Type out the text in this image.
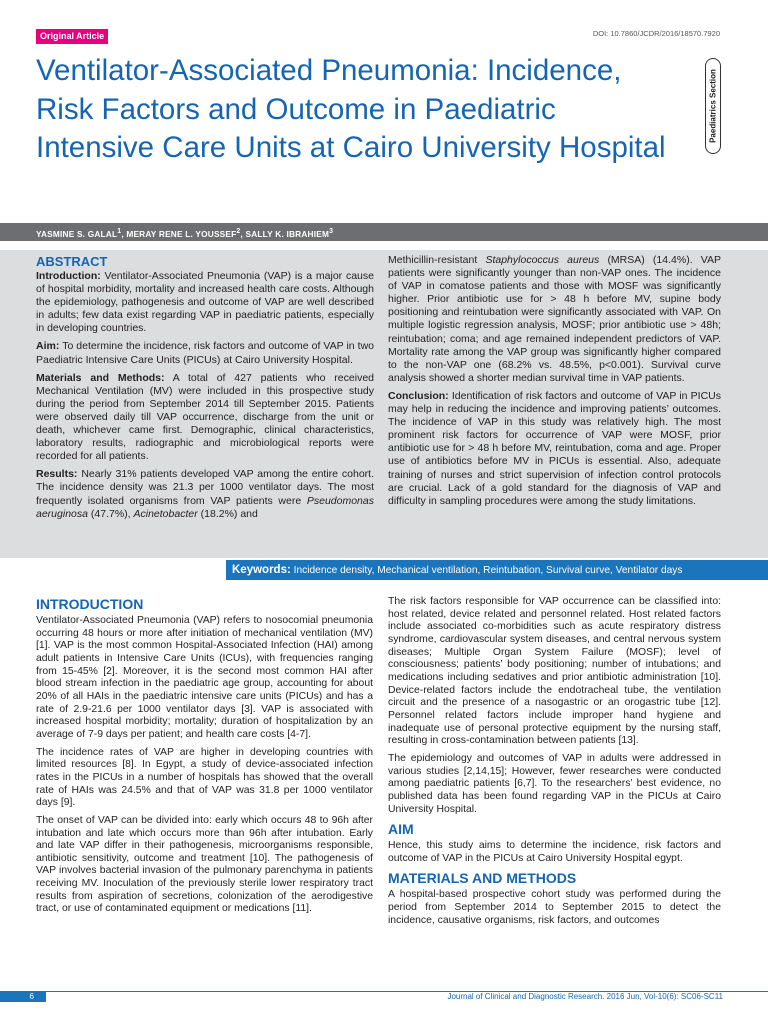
Original Article	DOI: 10.7860/JCDR/2016/18570.7920
Paediatrics Section
Ventilator-Associated Pneumonia: Incidence, Risk Factors and Outcome in Paediatric Intensive Care Units at Cairo University Hospital
YASMINE S. GALAL$^1$, MERAY RENE L. YOUSSEF$^2$, SALLY K. IBRAHIEM$^3$
ABSTRACT

Introduction: Ventilator-Associated Pneumonia (VAP) is a major cause of hospital morbidity, mortality and increased health care costs. Although the epidemiology, pathogenesis and outcome of VAP are well described in adults; few data exist regarding VAP in paediatric patients, especially in developing countries.

Aim: To determine the incidence, risk factors and outcome of VAP in two Paediatric Intensive Care Units (PICUs) at Cairo University Hospital.

Materials and Methods: A total of 427 patients who received Mechanical Ventilation (MV) were included in this prospective study during the period from September 2014 till September 2015. Patients were observed daily till VAP occurrence, discharge from the unit or death, whichever came first. Demographic, clinical characteristics, laboratory results, radiographic and microbiological reports were recorded for all patients.

Results: Nearly 31% patients developed VAP among the entire cohort. The incidence density was 21.3 per 1000 ventilator days. The most frequently isolated organisms from VAP patients were Pseudomonas aeruginosa (47.7%), Acinetobacter (18.2%) and

Methicillin-resistant Staphylococcus aureus (MRSA) (14.4%). VAP patients were significantly younger than non-VAP ones. The incidence of VAP in comatose patients and those with MOSF was significantly higher. Prior antibiotic use for > 48 h before MV, supine body positioning and reintubation were significantly associated with VAP. On multiple logistic regression analysis, MOSF; prior antibiotic use > 48h; reintubation; coma; and age remained independent predictors of VAP. Mortality rate among the VAP group was significantly higher compared to the non-VAP one (68.2% vs. 48.5%, p<0.001). Survival curve analysis showed a shorter median survival time in VAP patients.

Conclusion: Identification of risk factors and outcome of VAP in PICUs may help in reducing the incidence and improving patients’ outcomes. The incidence of VAP in this study was relatively high. The most prominent risk factors for occurrence of VAP were MOSF, prior antibiotic use for > 48 h before MV, reintubation, coma and age. Proper use of antibiotics before MV in PICUs is essential. Also, adequate training of nurses and strict supervision of infection control protocols are crucial. Lack of a gold standard for the diagnosis of VAP and difficulty in sampling procedures were among the study limitations.

Keywords: Incidence density, Mechanical ventilation, Reintubation, Survival curve, Ventilator days
INTRODUCTION

Ventilator-Associated Pneumonia (VAP) refers to nosocomial pneumonia occurring 48 hours or more after initiation of mechanical ventilation (MV) [1]. VAP is the most common Hospital-Associated Infection (HAI) among adult patients in Intensive Care Units (ICUs), with frequencies ranging from 15-45% [2]. Moreover, it is the second most common HAI after blood stream infection in the paediatric age group, accounting for about 20% of all HAIs in the paediatric intensive care units (PICUs) and has a rate of 2.9-21.6 per 1000 ventilator days [3]. VAP is associated with increased hospital morbidity; mortality; duration of hospitalization by an average of 7-9 days per patient; and health care costs [4-7].

The incidence rates of VAP are higher in developing countries with limited resources [8]. In Egypt, a study of device-associated infection rates in the PICUs in a number of hospitals has showed that the overall rate of HAIs was 24.5% and that of VAP was 31.8 per 1000 ventilator days [9].

The onset of VAP can be divided into: early which occurs 48 to 96h after intubation and late which occurs more than 96h after intubation. Early and late VAP differ in their pathogenesis, microorganisms responsible, antibiotic sensitivity, outcome and treatment [10]. The pathogenesis of VAP involves bacterial invasion of the pulmonary parenchyma in patients receiving MV. Inoculation of the previously sterile lower respiratory tract results from aspiration of secretions, colonization of the aerodigestive tract, or use of contaminated equipment or medications [11].

The risk factors responsible for VAP occurrence can be classified into: host related, device related and personnel related. Host related factors include associated co-morbidities such as acute respiratory distress syndrome, cardiovascular system diseases, and central nervous system diseases; Multiple Organ System Failure (MOSF); level of consciousness; patients’ body positioning; number of intubations; and medications including sedatives and prior antibiotic administration [10]. Device-related factors include the endotracheal tube, the ventilation circuit and the presence of a nasogastric or an orogastric tube [12]. Personnel related factors include improper hand hygiene and inadequate use of personal protective equipment by the nursing staff, resulting in cross-contamination between patients [13].

The epidemiology and outcomes of VAP in adults were addressed in various studies [2,14,15]; However, fewer researches were conducted among paediatric patients [6,7]. To the researchers’ best evidence, no published data has been found regarding VAP in the PICUs at Cairo University Hospital.

AIM

Hence, this study aims to determine the incidence, risk factors and outcome of VAP in the PICUs at Cairo University Hospital egypt.

MATERIALS AND METHODS

A hospital-based prospective cohort study was performed during the period from September 2014 to September 2015 to detect the incidence, causative organisms, risk factors, and outcomes

6	Journal of Clinical and Diagnostic Research. 2016 Jun, Vol-10(6): SC06-SC11
